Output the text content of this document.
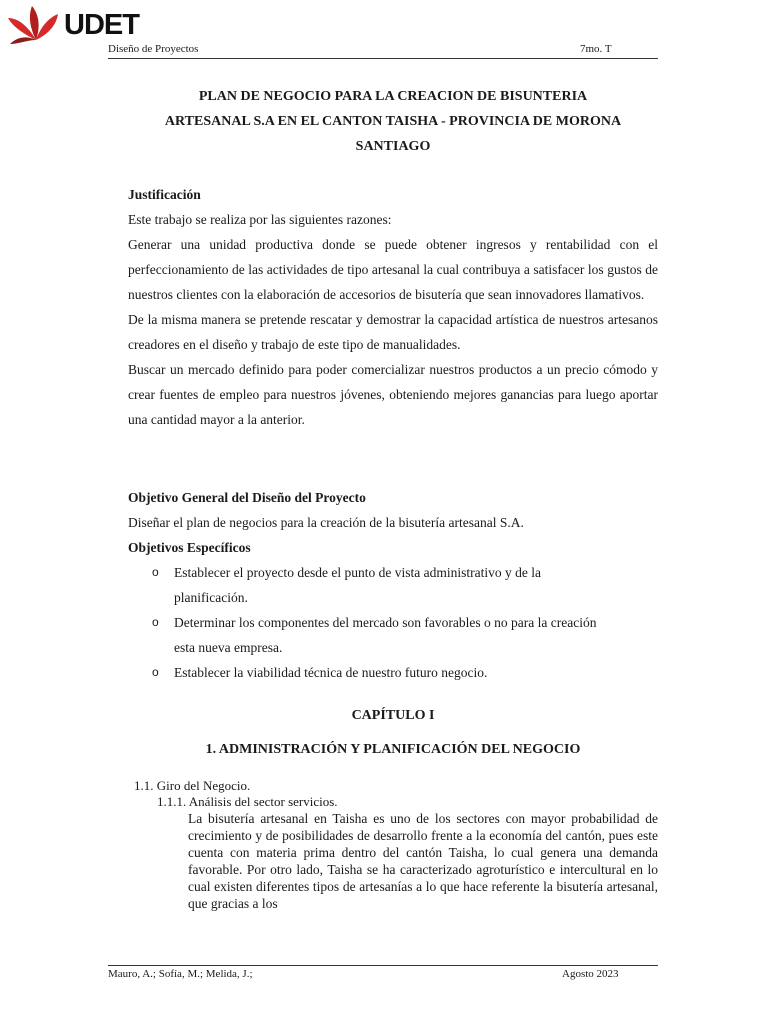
UDET
Diseño de Proyectos	7mo. T
PLAN DE NEGOCIO PARA LA CREACION DE BISUNTERIA
ARTESANAL S.A EN EL CANTON TAISHA - PROVINCIA DE MORONA
SANTIAGO
Justificación
Este trabajo se realiza por las siguientes razones:
Generar una unidad productiva donde se puede obtener ingresos y rentabilidad con el perfeccionamiento de las actividades de tipo artesanal la cual contribuya a satisfacer los gustos de nuestros clientes con la elaboración de accesorios de bisutería que sean innovadores llamativos.
De la misma manera se pretende rescatar y demostrar la capacidad artística de nuestros artesanos creadores en el diseño y trabajo de este tipo de manualidades.
Buscar un mercado definido para poder comercializar nuestros productos a un precio cómodo y crear fuentes de empleo para nuestros jóvenes, obteniendo mejores ganancias para luego aportar una cantidad mayor a la anterior.
Objetivo General del Diseño del Proyecto
Diseñar el plan de negocios para la creación de la bisutería artesanal S.A.
Objetivos Específicos
o Establecer el proyecto desde el punto de vista administrativo y de la planificación.
o Determinar los componentes del mercado son favorables o no para la creación esta nueva empresa.
o Establecer la viabilidad técnica de nuestro futuro negocio.
CAPÍTULO I
1. ADMINISTRACIÓN Y PLANIFICACIÓN DEL NEGOCIO
1.1. Giro del Negocio.
1.1.1. Análisis del sector servicios.
La bisutería artesanal en Taisha es uno de los sectores con mayor probabilidad de crecimiento y de posibilidades de desarrollo frente a la economía del cantón, pues este cuenta con materia prima dentro del cantón Taisha, lo cual genera una demanda favorable. Por otro lado, Taisha se ha caracterizado agroturístico e intercultural en lo cual existen diferentes tipos de artesanías a lo que hace referente la bisutería artesanal, que gracias a los
Mauro, A.; Sofía, M.; Melida, J.;	Agosto 2023
